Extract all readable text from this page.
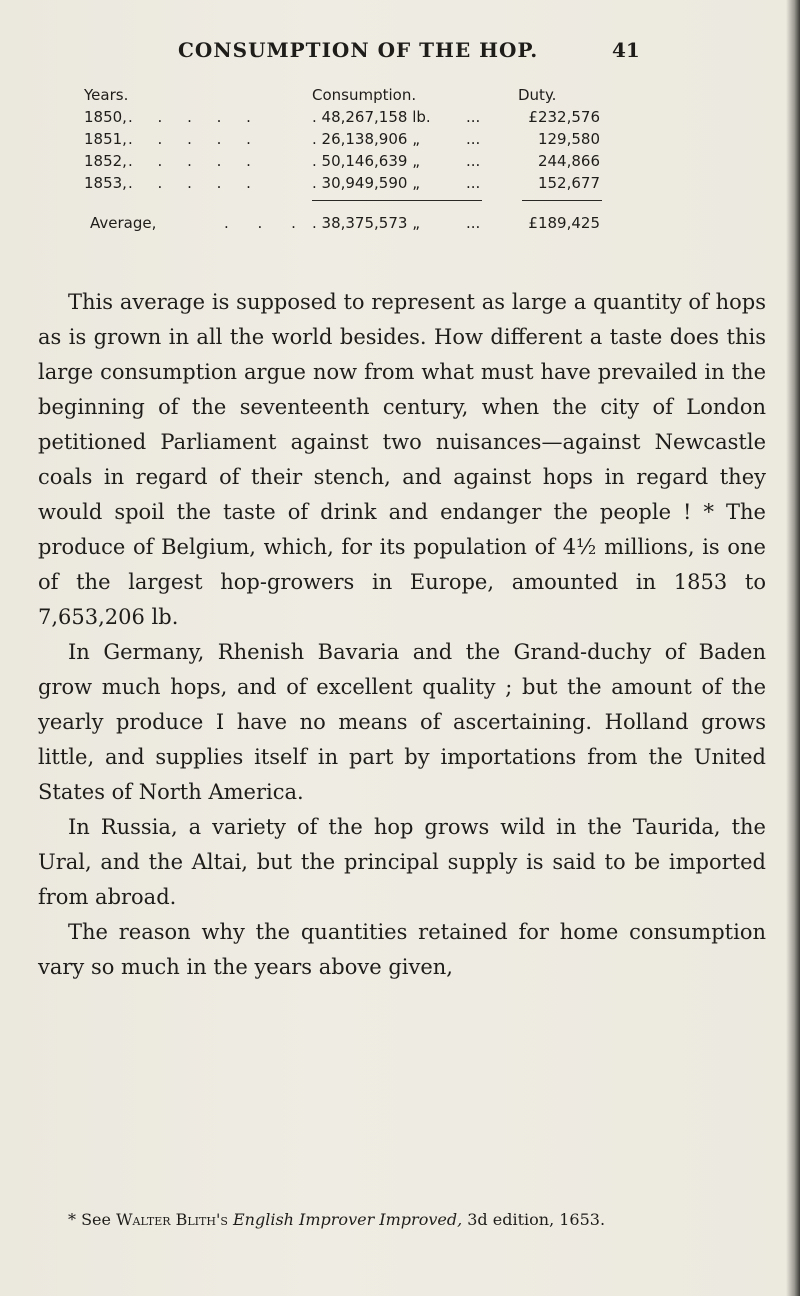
CONSUMPTION OF THE HOP.	41
Years.	Consumption.	Duty.
1850, . . . . .	. 48,267,158 lb. ...	£232,576
1851, . . . . .	. 26,138,906 „	...	129,580
1852, . . . . .	. 50,146,639 „	...	244,866
1853, . . . . .	. 30,949,590 „	...	152,677
Average,	. . . . 38,375,573 „	...	£189,425

This average is supposed to represent as large a quantity of hops as is grown in all the world besides. How different a taste does this large consumption argue now from what must have prevailed in the beginning of the seventeenth century, when the city of London petitioned Parliament against two nuisances—against Newcastle coals in regard of their stench, and against hops in regard they would spoil the taste of drink and endanger the people ! * The produce of Belgium, which, for its population of 4½ millions, is one of the largest hop-growers in Europe, amounted in 1853 to 7,653,206 lb.

In Germany, Rhenish Bavaria and the Grand-duchy of Baden grow much hops, and of excellent quality ; but the amount of the yearly produce I have no means of ascertaining. Holland grows little, and supplies itself in part by importations from the United States of North America.

In Russia, a variety of the hop grows wild in the Taurida, the Ural, and the Altai, but the principal supply is said to be imported from abroad.

The reason why the quantities retained for home consumption vary so much in the years above given,

* See Walter Blith's English Improver Improved, 3d edition, 1653.
